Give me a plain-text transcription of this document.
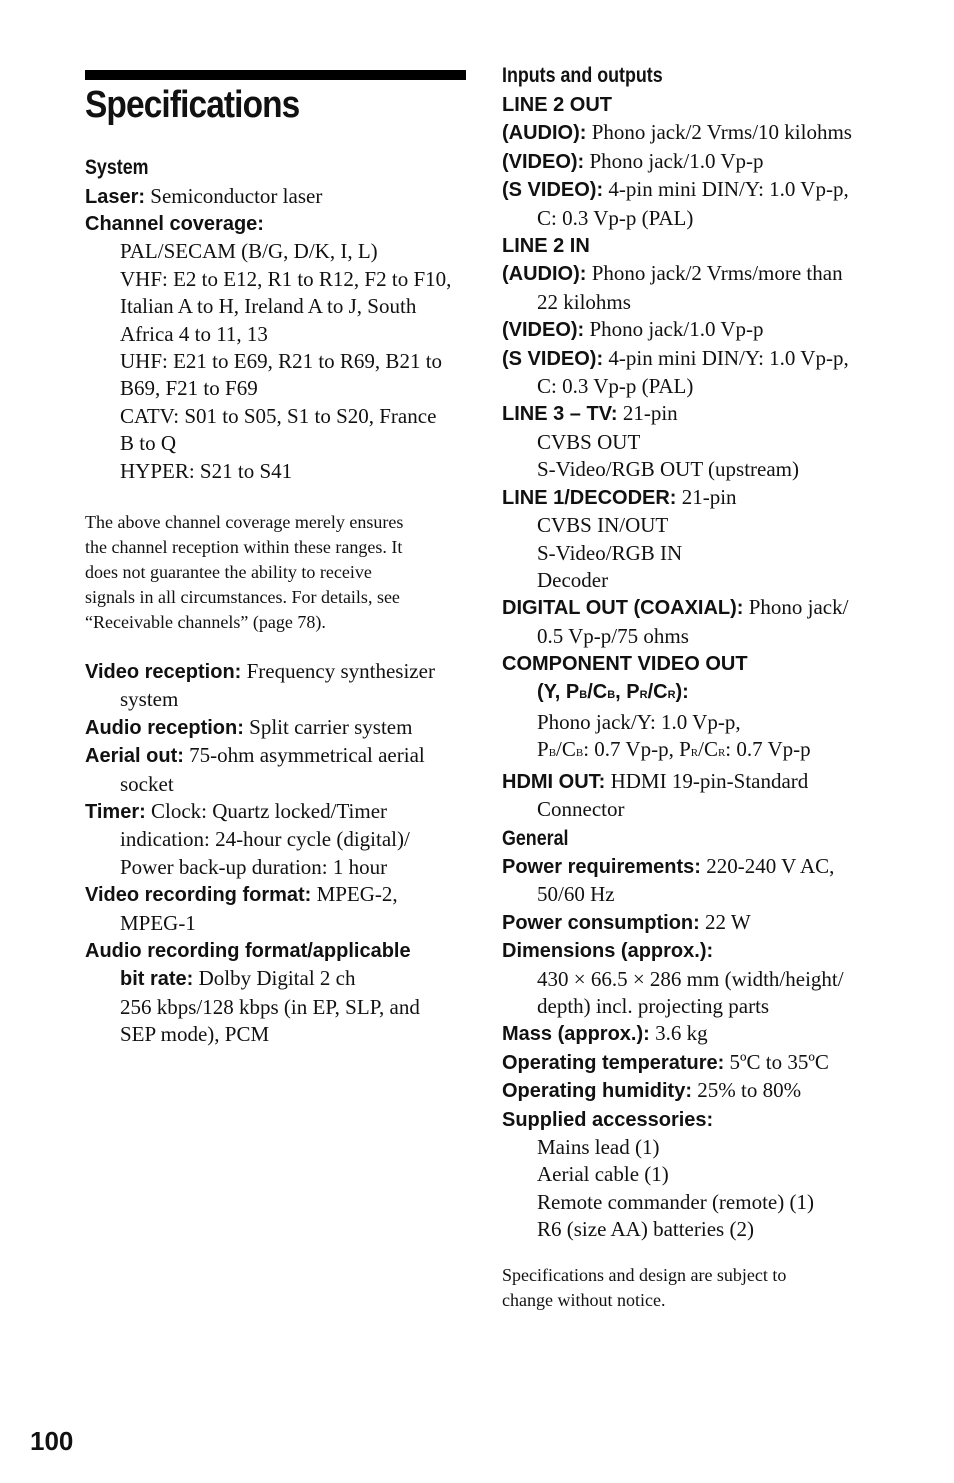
Specifications
System
Laser: Semiconductor laser
Channel coverage:
PAL/SECAM (B/G, D/K, I, L)
VHF: E2 to E12, R1 to R12, F2 to F10,
Italian A to H, Ireland A to J, South
Africa 4 to 11, 13
UHF: E21 to E69, R21 to R69, B21 to
B69, F21 to F69
CATV: S01 to S05, S1 to S20, France
B to Q
HYPER: S21 to S41
The above channel coverage merely ensures
the channel reception within these ranges. It
does not guarantee the ability to receive
signals in all circumstances. For details, see
“Receivable channels” (page 78).
Video reception: Frequency synthesizer
system
Audio reception: Split carrier system
Aerial out: 75-ohm asymmetrical aerial
socket
Timer: Clock: Quartz locked/Timer
indication: 24-hour cycle (digital)/
Power back-up duration: 1 hour
Video recording format: MPEG-2,
MPEG-1
Audio recording format/applicable
bit rate: Dolby Digital 2 ch
256 kbps/128 kbps (in EP, SLP, and
SEP mode), PCM
Inputs and outputs
LINE 2 OUT
(AUDIO): Phono jack/2 Vrms/10 kilohms
(VIDEO): Phono jack/1.0 Vp-p
(S VIDEO): 4-pin mini DIN/Y: 1.0 Vp-p,
C: 0.3 Vp-p (PAL)
LINE 2 IN
(AUDIO): Phono jack/2 Vrms/more than
22 kilohms
(VIDEO): Phono jack/1.0 Vp-p
(S VIDEO): 4-pin mini DIN/Y: 1.0 Vp-p,
C: 0.3 Vp-p (PAL)
LINE 3 – TV: 21-pin
CVBS OUT
S-Video/RGB OUT (upstream)
LINE 1/DECODER: 21-pin
CVBS IN/OUT
S-Video/RGB IN
Decoder
DIGITAL OUT (COAXIAL): Phono jack/
0.5 Vp-p/75 ohms
COMPONENT VIDEO OUT
(Y, PB/CB, PR/CR):
Phono jack/Y: 1.0 Vp-p,
PB/CB: 0.7 Vp-p, PR/CR: 0.7 Vp-p
HDMI OUT: HDMI 19-pin-Standard
Connector
General
Power requirements: 220-240 V AC,
50/60 Hz
Power consumption: 22 W
Dimensions (approx.):
430 × 66.5 × 286 mm (width/height/
depth) incl. projecting parts
Mass (approx.): 3.6 kg
Operating temperature: 5ºC to 35ºC
Operating humidity: 25% to 80%
Supplied accessories:
Mains lead (1)
Aerial cable (1)
Remote commander (remote) (1)
R6 (size AA) batteries (2)
Specifications and design are subject to
change without notice.
100
